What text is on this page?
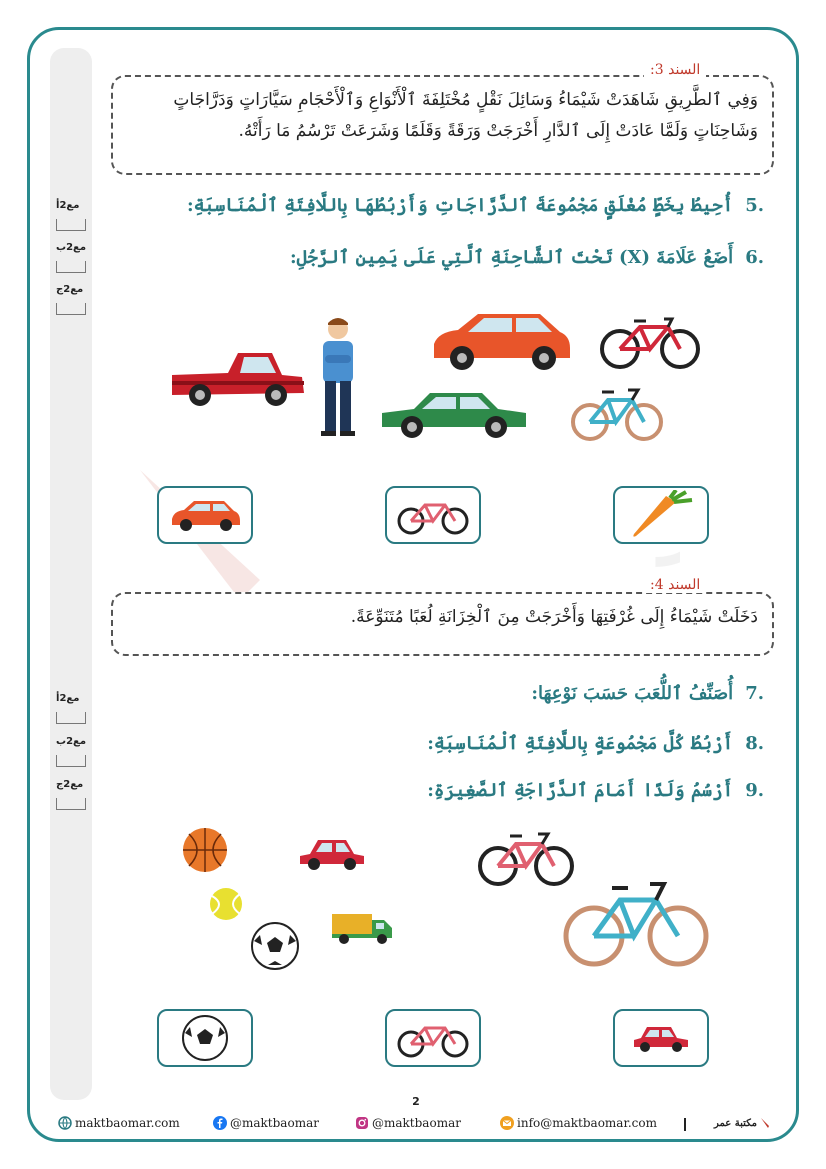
مع2أ
مع2ب
مع2ج
مع2أ
مع2ب
مع2ج
وَفِي ٱلطَّرِيقِ شَاهَدَتْ شَيْمَاءُ وَسَائِلَ نَقْلٍ مُخْتَلِفَةَ ٱلْأَنْوَاعِ وَٱلْأَحْجَامِ سَيَّارَاتٍ وَدَرَّاجَاتٍ وَشَاحِنَاتٍ وَلَمَّا عَادَتْ إِلَى ٱلدَّارِ أَخْرَجَتْ وَرَقَةً وَقَلَمًا وَشَرَعَتْ تَرْسُمُ مَا رَأَتْهُ.
السند 3:
.5أُحِيطُ بِخَطٍّ مُغْلَقٍ مَجْمُوعَةَ ٱلدَّرَّاجَاتِ وَأَرْبُطُهَا بِاللَّافِتَةِ ٱلْمُنَاسِبَةِ:
.6أَضَعُ عَلَامَةَ (X) تَحْتَ ٱلشَّاحِنَةِ ٱلَّتِي عَلَى يَمِينِ ٱلرَّجُلِ:
دَخَلَتْ شَيْمَاءُ إِلَى غُرْفَتِهَا وَأَخْرَجَتْ مِنَ ٱلْخِزَانَةِ لُعَبًا مُتَنَوِّعَةً.
السند 4:
.7أُصَنِّفُ ٱللُّعَبَ حَسَبَ نَوْعِهَا:
.8أَرْبُطُ كُلَّ مَجْمُوعَةٍ بِاللَّافِتَةِ ٱلْمُنَاسِبَةِ:
.9أَرْسُمُ وَلَدًا أَمَامَ ٱلدَّرَّاجَةِ ٱلصَّغِيرَةِ:
2
maktbaomar.com	@maktbaomar	@maktbaomar	info@maktbaomar.com	مكتبة عمر
